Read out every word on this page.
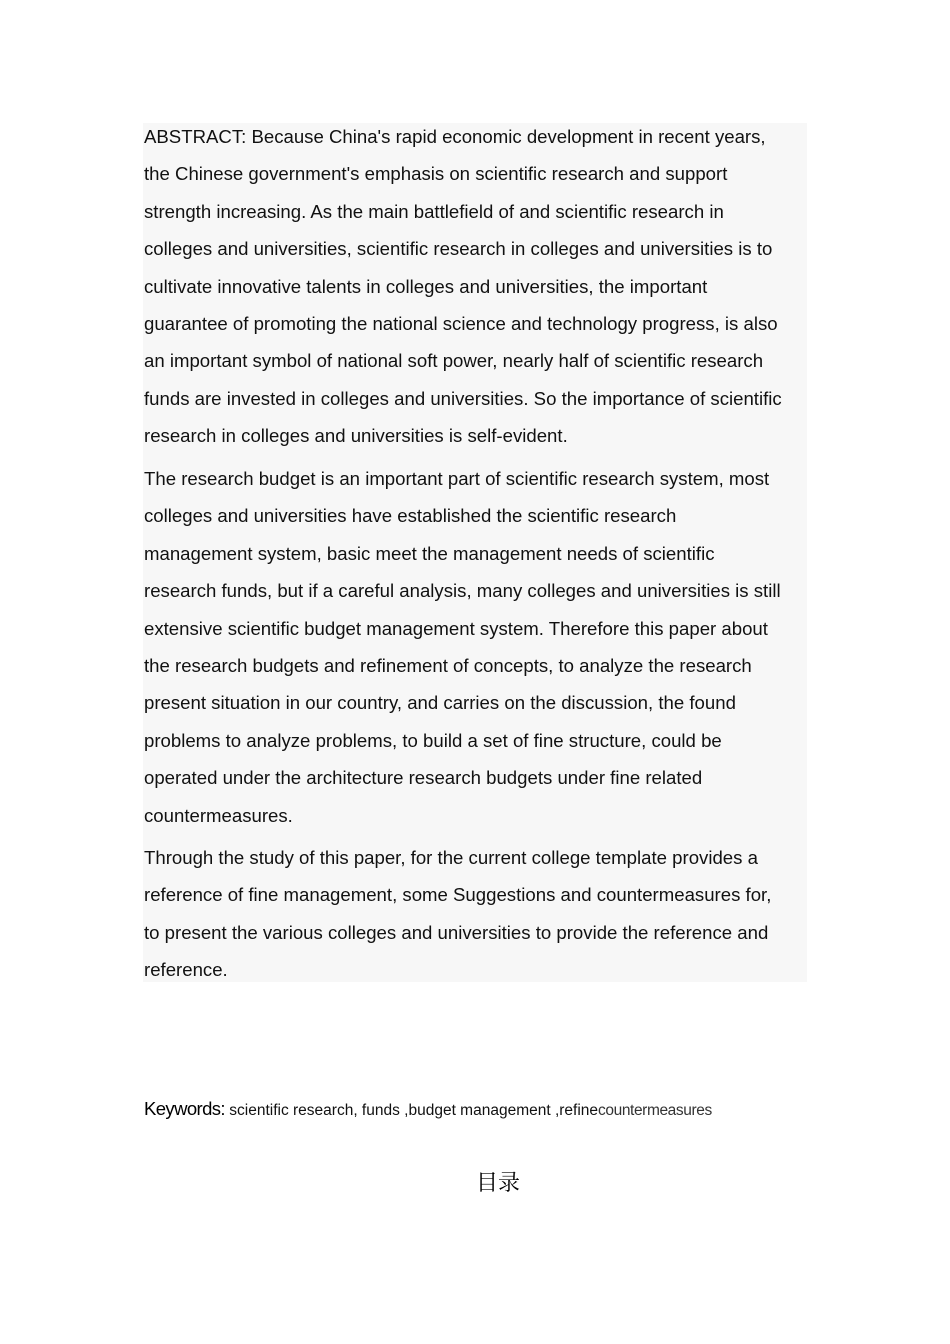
ABSTRACT: Because China's rapid economic development in recent years,
the Chinese government's emphasis on scientific research and support
strength increasing. As the main battlefield of and scientific research in
colleges and universities, scientific research in colleges and universities is to
cultivate innovative talents in colleges and universities, the important
guarantee of promoting the national science and technology progress, is also
an important symbol of national soft power, nearly half of scientific research
funds are invested in colleges and universities. So the importance of scientific
research in colleges and universities is self-evident.

The research budget is an important part of scientific research system, most
colleges and universities have established the scientific research
management system, basic meet the management needs of scientific
research funds, but if a careful analysis, many colleges and universities is still
extensive scientific budget management system. Therefore this paper about
the research budgets and refinement of concepts, to analyze the research
present situation in our country, and carries on the discussion, the found
problems to analyze problems, to build a set of fine structure, could be
operated under the architecture research budgets under fine related
countermeasures.

Through the study of this paper, for the current college template provides a
reference of fine management, some Suggestions and countermeasures for,
to present the various colleges and universities to provide the reference and
reference.

Keywords: scientific research, funds ,budget management ,refinecountermeasures
目录
